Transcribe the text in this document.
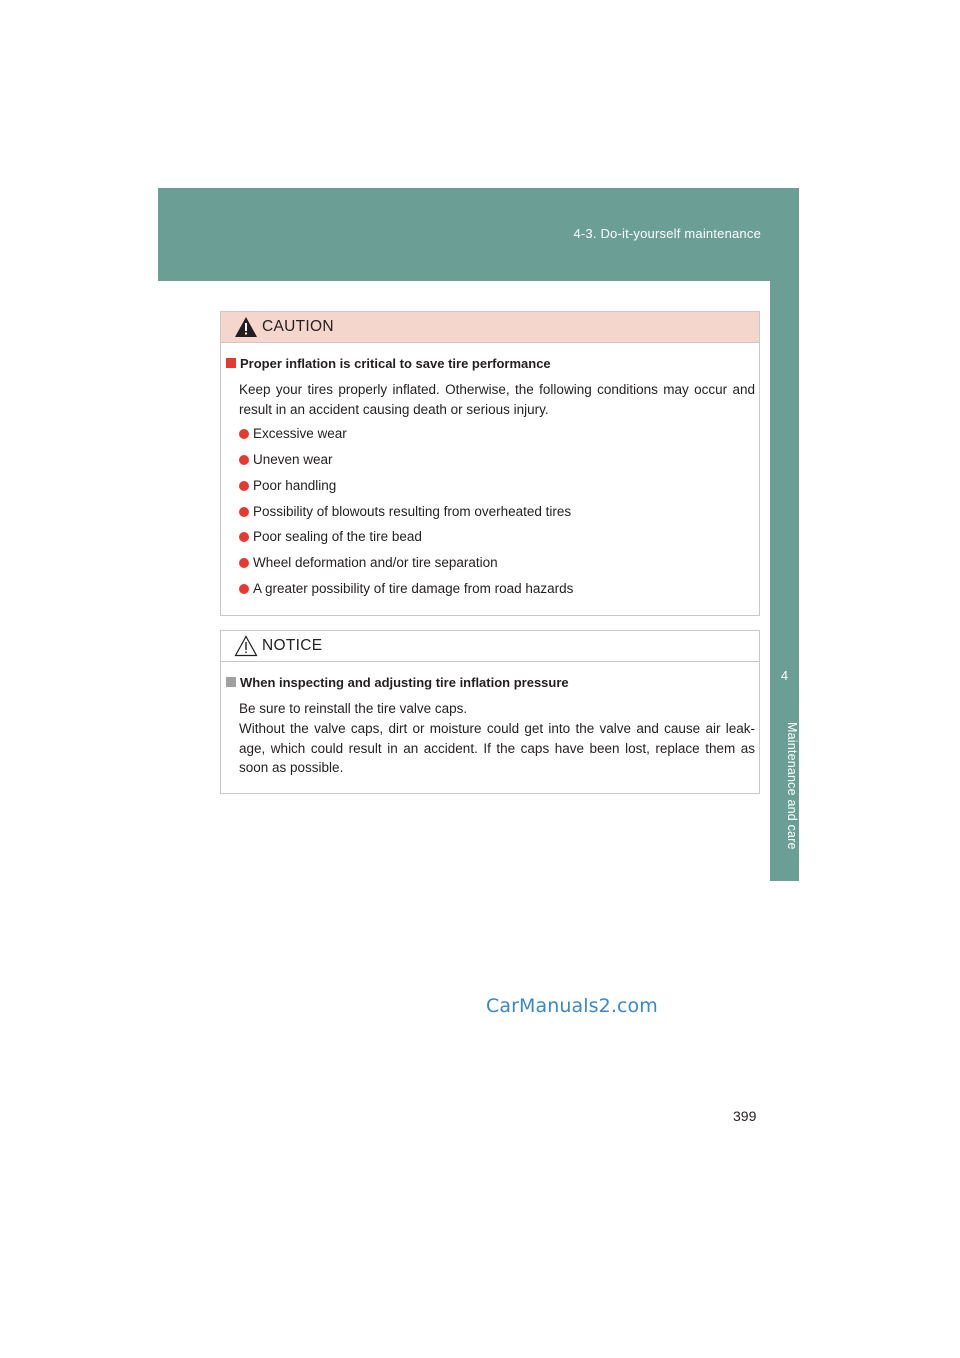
4-3. Do-it-yourself maintenance
4
Maintenance and care
CAUTION
Proper inflation is critical to save tire performance
Keep your tires properly inflated. Otherwise, the following conditions may occur and result in an accident causing death or serious injury.
Excessive wear
Uneven wear
Poor handling
Possibility of blowouts resulting from overheated tires
Poor sealing of the tire bead
Wheel deformation and/or tire separation
A greater possibility of tire damage from road hazards
NOTICE
When inspecting and adjusting tire inflation pressure
Be sure to reinstall the tire valve caps.
Without the valve caps, dirt or moisture could get into the valve and cause air leak-age, which could result in an accident. If the caps have been lost, replace them as soon as possible.
CarManuals2.com
399
